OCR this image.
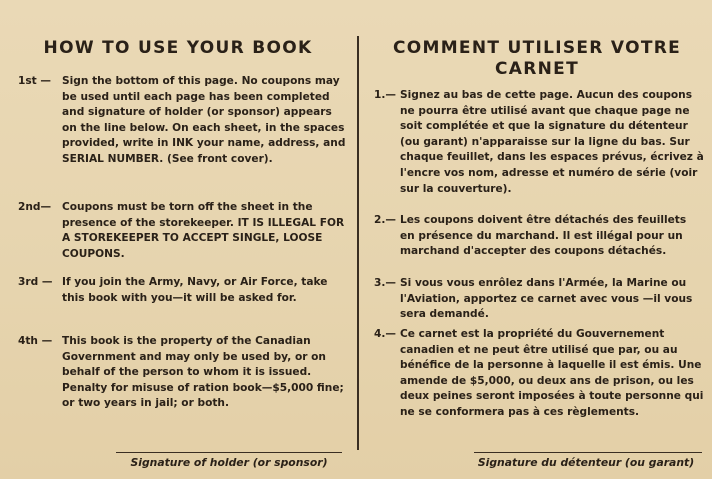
HOW TO USE YOUR BOOK
1st —	Sign the bottom of this page. No coupons may be used until each page has been completed and signature of holder (or sponsor) appears on the line below. On each sheet, in the spaces provided, write in INK your name, address, and SERIAL NUMBER. (See front cover).
2nd—	Coupons must be torn off the sheet in the presence of the storekeeper. IT IS ILLEGAL FOR A STOREKEEPER TO ACCEPT SINGLE, LOOSE COUPONS.
3rd — If you join the Army, Navy, or Air Force, take this book with you—it will be asked for.
4th — This book is the property of the Canadian Government and may only be used by, or on behalf of the person to whom it is issued. Penalty for misuse of ration book—$5,000 fine; or two years in jail; or both.
Signature of holder (or sponsor)
COMMENT UTILISER VOTRE CARNET
1.— Signez au bas de cette page. Aucun des coupons ne pourra être utilisé avant que chaque page ne soit complétée et que la signature du détenteur (ou garant) n'apparaisse sur la ligne du bas. Sur chaque feuillet, dans les espaces prévus, écrivez à l'encre vos nom, adresse et numéro de série (voir sur la couverture).
2.— Les coupons doivent être détachés des feuillets en présence du marchand. Il est illégal pour un marchand d'accepter des coupons détachés.
3.— Si vous vous enrôlez dans l'Armée, la Marine ou l'Aviation, apportez ce carnet avec vous —il vous sera demandé.
4.— Ce carnet est la propriété du Gouvernement canadien et ne peut être utilisé que par, ou au bénéfice de la personne à laquelle il est émis. Une amende de $5,000, ou deux ans de prison, ou les deux peines seront imposées à toute personne qui ne se conformera pas à ces règlements.
Signature du détenteur (ou garant)
